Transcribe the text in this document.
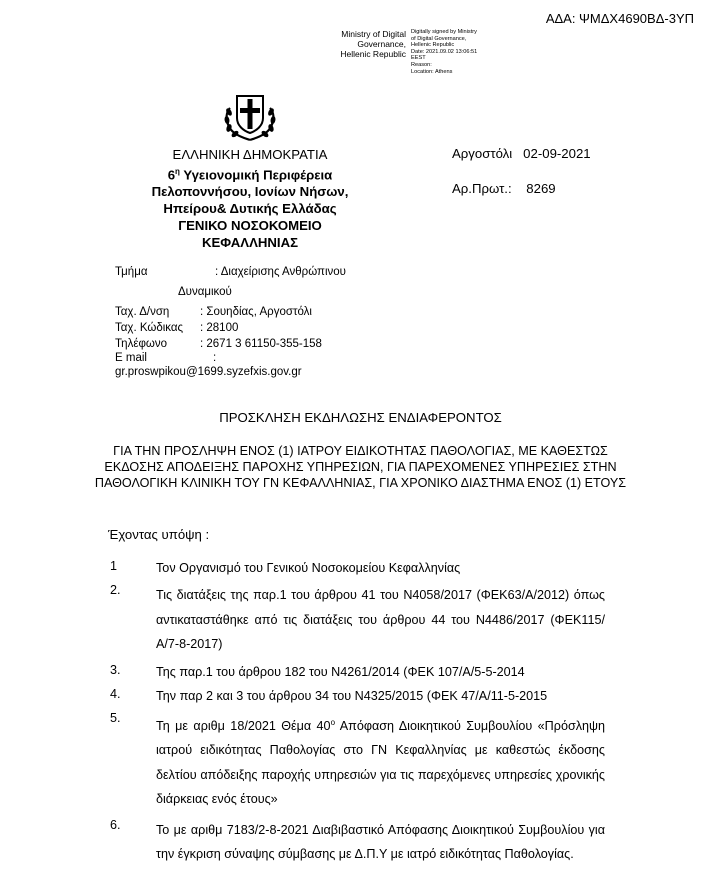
ΑΔΑ: ΨΜΔΧ4690ΒΔ-3ΥΠ
Ministry of Digital Governance, Hellenic Republic
Digitally signed by Ministry
of Digital Governance,
Hellenic Republic
Date: 2021.09.02 13:06:51
EEST
Reason:
Location: Athens
ΕΛΛΗΝΙΚΗ ΔΗΜΟΚΡΑΤΙΑ
$6^\eta$ Υγειονομική Περιφέρεια
Πελοποννήσου, Ιονίων Νήσων,
Ηπείρου& Δυτικής Ελλάδας
ΓΕΝΙΚΟ ΝΟΣΟΚΟΜΕΙΟ
ΚΕΦΑΛΛΗΝΙΑΣ
Αργοστόλι   02-09-2021
Αρ.Πρωτ.:    8269
Τμήμα	: Διαχείρισης Ανθρώπινου
Δυναμικού
Ταχ. Δ/νση	: Σουηδίας, Αργοστόλι
Ταχ. Κώδικας	: 28100
Τηλέφωνο	: 2671 3 61150-355-158
E mail	:
gr.proswpikou@1699.syzefxis.gov.gr
ΠΡΟΣΚΛΗΣΗ ΕΚΔΗΛΩΣΗΣ ΕΝΔΙΑΦΕΡΟΝΤΟΣ
ΓΙΑ ΤΗΝ ΠΡΟΣΛΗΨΗ ΕΝΟΣ (1) ΙΑΤΡΟΥ ΕΙΔΙΚΟΤΗΤΑΣ ΠΑΘΟΛΟΓΙΑΣ, ΜΕ ΚΑΘΕΣΤΩΣ ΕΚΔΟΣΗΣ ΑΠΟΔΕΙΞΗΣ ΠΑΡΟΧΗΣ ΥΠΗΡΕΣΙΩΝ, ΓΙΑ ΠΑΡΕΧΟΜΕΝΕΣ ΥΠΗΡΕΣΙΕΣ ΣΤΗΝ ΠΑΘΟΛΟΓΙΚΗ ΚΛΙΝΙΚΗ ΤΟΥ ΓΝ ΚΕΦΑΛΛΗΝΙΑΣ, ΓΙΑ ΧΡΟΝΙΚΟ ΔΙΑΣΤΗΜΑ ΕΝΟΣ (1) ΕΤΟΥΣ
Έχοντας υπόψη :
1	Τον Οργανισμό του Γενικού Νοσοκομείου Κεφαλληνίας
2.	Τις διατάξεις της παρ.1 του άρθρου 41 του Ν4058/2017 (ΦΕΚ63/Α/2012) όπως αντικαταστάθηκε από τις διατάξεις του άρθρου 44 του Ν4486/2017 (ΦΕΚ115/Α/7-8-2017)
3.	Της παρ.1 του άρθρου 182 του Ν4261/2014 (ΦΕΚ 107/Α/5-5-2014
4.	Την παρ 2 και 3 του άρθρου 34 του Ν4325/2015 (ΦΕΚ 47/Α/11-5-2015
5.
Τη με αριθμ 18/2021 Θέμα $40^o$ Απόφαση Διοικητικού Συμβουλίου «Πρόσληψη ιατρού ειδικότητας Παθολογίας στο ΓΝ Κεφαλληνίας με καθεστώς έκδοσης δελτίου απόδειξης παροχής υπηρεσιών για τις παρεχόμενες υπηρεσίες χρονικής διάρκειας ενός έτους»
6.	Το με αριθμ 7183/2-8-2021 Διαβιβαστικό Απόφασης Διοικητικού Συμβουλίου για την έγκριση σύναψης σύμβασης με Δ.Π.Υ με ιατρό ειδικότητας Παθολογίας.
